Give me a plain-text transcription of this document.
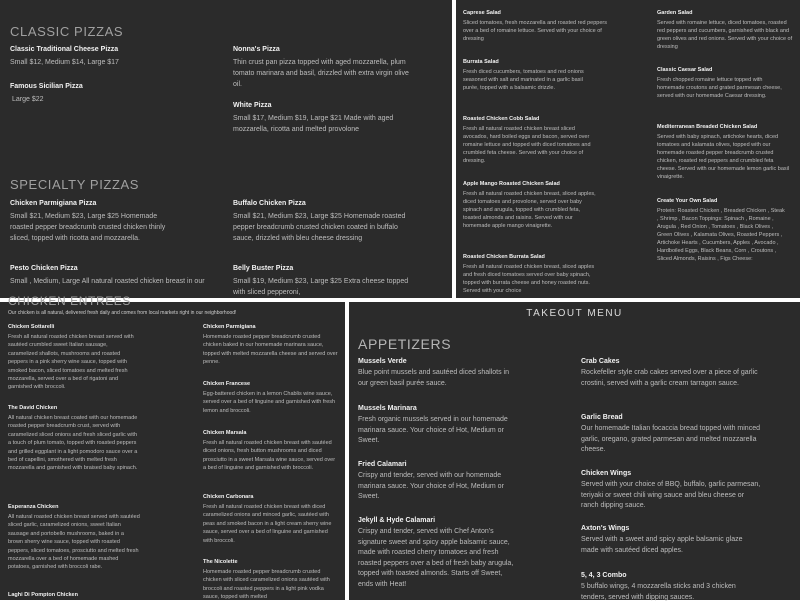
CLASSIC PIZZAS
Classic Traditional Cheese Pizza
Small $12, Medium $14, Large $17
Famous Sicilian Pizza
Large $22
Nonna's Pizza
Thin crust pan pizza topped with aged mozzarella, plum tomato marinara and basil, drizzled with extra virgin olive oil.
White Pizza
Small $17, Medium $19, Large $21 Made with aged mozzarella, ricotta and melted provolone
SPECIALTY PIZZAS
Chicken Parmigiana Pizza
Small $21, Medium $23, Large $25 Homemade roasted pepper breadcrumb crusted chicken thinly sliced, topped with ricotta and mozzarella.
Buffalo Chicken Pizza
Small $21, Medium $23, Large $25 Homemade roasted pepper breadcrumb crusted chicken coated in buffalo sauce, drizzled with bleu cheese dressing
Pesto Chicken Pizza
Small , Medium, Large All natural roasted chicken breast in our
Belly Buster Pizza
Small $19, Medium $23, Large $25 Extra cheese topped with sliced pepperoni,
Caprese Salad
Sliced tomatoes, fresh mozzarella and roasted red peppers over a bed of romaine lettuce. Served with your choice of dressing
Garden Salad
Served with romaine lettuce, diced tomatoes, roasted red peppers and cucumbers, garnished with black and green olives and red onions. Served with your choice of dressing
Burrata Salad
Fresh diced cucumbers, tomatoes and red onions seasoned with salt and marinated in a garlic basil purée, topped with a balsamic drizzle.
Classic Caesar Salad
Fresh chopped romaine lettuce topped with homemade croutons and grated parmesan cheese, served with our homemade Caesar dressing.
Roasted Chicken Cobb Salad
Fresh all natural roasted chicken breast sliced avocados, hard boiled eggs and bacon, served over romaine lettuce and topped with diced tomatoes and crumbled feta cheese. Served with your choice of dressing.
Mediterranean Breaded Chicken Salad
Served with baby spinach, artichoke hearts, diced tomatoes and kalamata olives, topped with our homemade roasted pepper breadcrumb crusted chicken, roasted red peppers and crumbled feta cheese. Served with our homemade lemon garlic basil vinaigrette.
Apple Mango Roasted Chicken Salad
Fresh all natural roasted chicken breast, sliced apples, diced tomatoes and provolone, served over baby spinach and arugula, topped with crumbled feta, toasted almonds and raisins. Served with our homemade apple mango vinaigrette.
Create Your Own Salad
Protein: Roasted Chicken , Breaded Chicken , Steak , Shrimp , Bacon Toppings: Spinach , Romaine , Arugula , Red Onion , Tomatoes , Black Olives , Green Olives , Kalamata Olives, Roasted Peppers , Artichoke Hearts , Cucumbers, Apples , Avocado , Hardboiled Eggs, Black Beans, Corn , Croutons , Sliced Almonds, Raisins , Figs Cheese:
Roasted Chicken Burrata Salad
Fresh all natural roasted chicken breast, sliced apples and fresh diced tomatoes served over baby spinach, topped with burrata cheese and honey roasted nuts. Served with your choice
CHICKEN ENTREES
Our chicken is all natural, delivered fresh daily and comes from local markets right in our neighborhood!
Chicken Sottarelli
Fresh all natural roasted chicken breast served with sautéed crumbled sweet Italian sausage, caramelized shallots, mushrooms and roasted peppers in a pink sherry wine sauce, topped with smoked bacon, sliced tomatoes and melted fresh mozzarella, served over a bed of rigatoni and garnished with broccoli.
Chicken Parmigiana
Homemade roasted pepper breadcrumb crusted chicken baked in our homemade marinara sauce, topped with melted mozzarella cheese and served over penne.
Chicken Francese
Egg-battered chicken in a lemon Chablis wine sauce, served over a bed of linguine and garnished with fresh lemon and broccoli.
The David Chicken
All natural chicken breast coated with our homemade roasted pepper breadcrumb crust, served with caramelized sliced onions and fresh sliced garlic with a touch of plum tomato, topped with roasted peppers and grilled eggplant in a light pomodoro sauce over a bed of capellini, smothered with melted fresh mozzarella and garnished with braised baby spinach.
Chicken Marsala
Fresh all natural roasted chicken breast with sautéed diced onions, fresh button mushrooms and diced prosciutto in a sweet Marsala wine sauce, served over a bed of linguine and garnished with broccoli.
Esperanza Chicken
All natural roasted chicken breast served with sautéed sliced garlic, caramelized onions, sweet Italian sausage and portobello mushrooms, baked in a brown sherry wine sauce, topped with roasted peppers, sliced tomatoes, prosciutto and melted fresh mozzarella over a bed of homemade mashed potatoes, garnished with broccoli rabe.
Chicken Carbonara
Fresh all natural roasted chicken breast with diced caramelized onions and minced garlic, sautéed with peas and smoked bacon in a light cream sherry wine sauce, served over a bed of linguine and garnished with broccoli.
The Nicolette
Homemade roasted pepper breadcrumb crusted chicken with sliced caramelized onions sautéed with broccoli and roasted peppers in a light pink vodka sauce, topped with melted
Laghi Di Pompton Chicken
TAKEOUT MENU
APPETIZERS
Mussels Verde
Blue point mussels and sautéed diced shallots in our green basil purée sauce.
Mussels Marinara
Fresh organic mussels served in our homemade marinara sauce. Your choice of Hot, Medium or Sweet.
Fried Calamari
Crispy and tender, served with our homemade marinara sauce. Your choice of Hot, Medium or Sweet.
Jekyll & Hyde Calamari
Crispy and tender, served with Chef Anton's signature sweet and spicy apple balsamic sauce, made with roasted cherry tomatoes and fresh roasted peppers over a bed of fresh baby arugula, topped with toasted almonds. Starts off Sweet, ends with Heat!
Crab Cakes
Rockefeller style crab cakes served over a piece of garlic crostini, served with a garlic cream tarragon sauce.
Garlic Bread
Our homemade Italian focaccia bread topped with minced garlic, oregano, grated parmesan and melted mozzarella cheese.
Chicken Wings
Served with your choice of BBQ, buffalo, garlic parmesan, teriyaki or sweet chili wing sauce and bleu cheese or ranch dipping sauce.
Axton's Wings
Served with a sweet and spicy apple balsamic glaze made with sautéed diced apples.
5, 4, 3 Combo
5 buffalo wings, 4 mozzarella sticks and 3 chicken tenders, served with dipping sauces.
